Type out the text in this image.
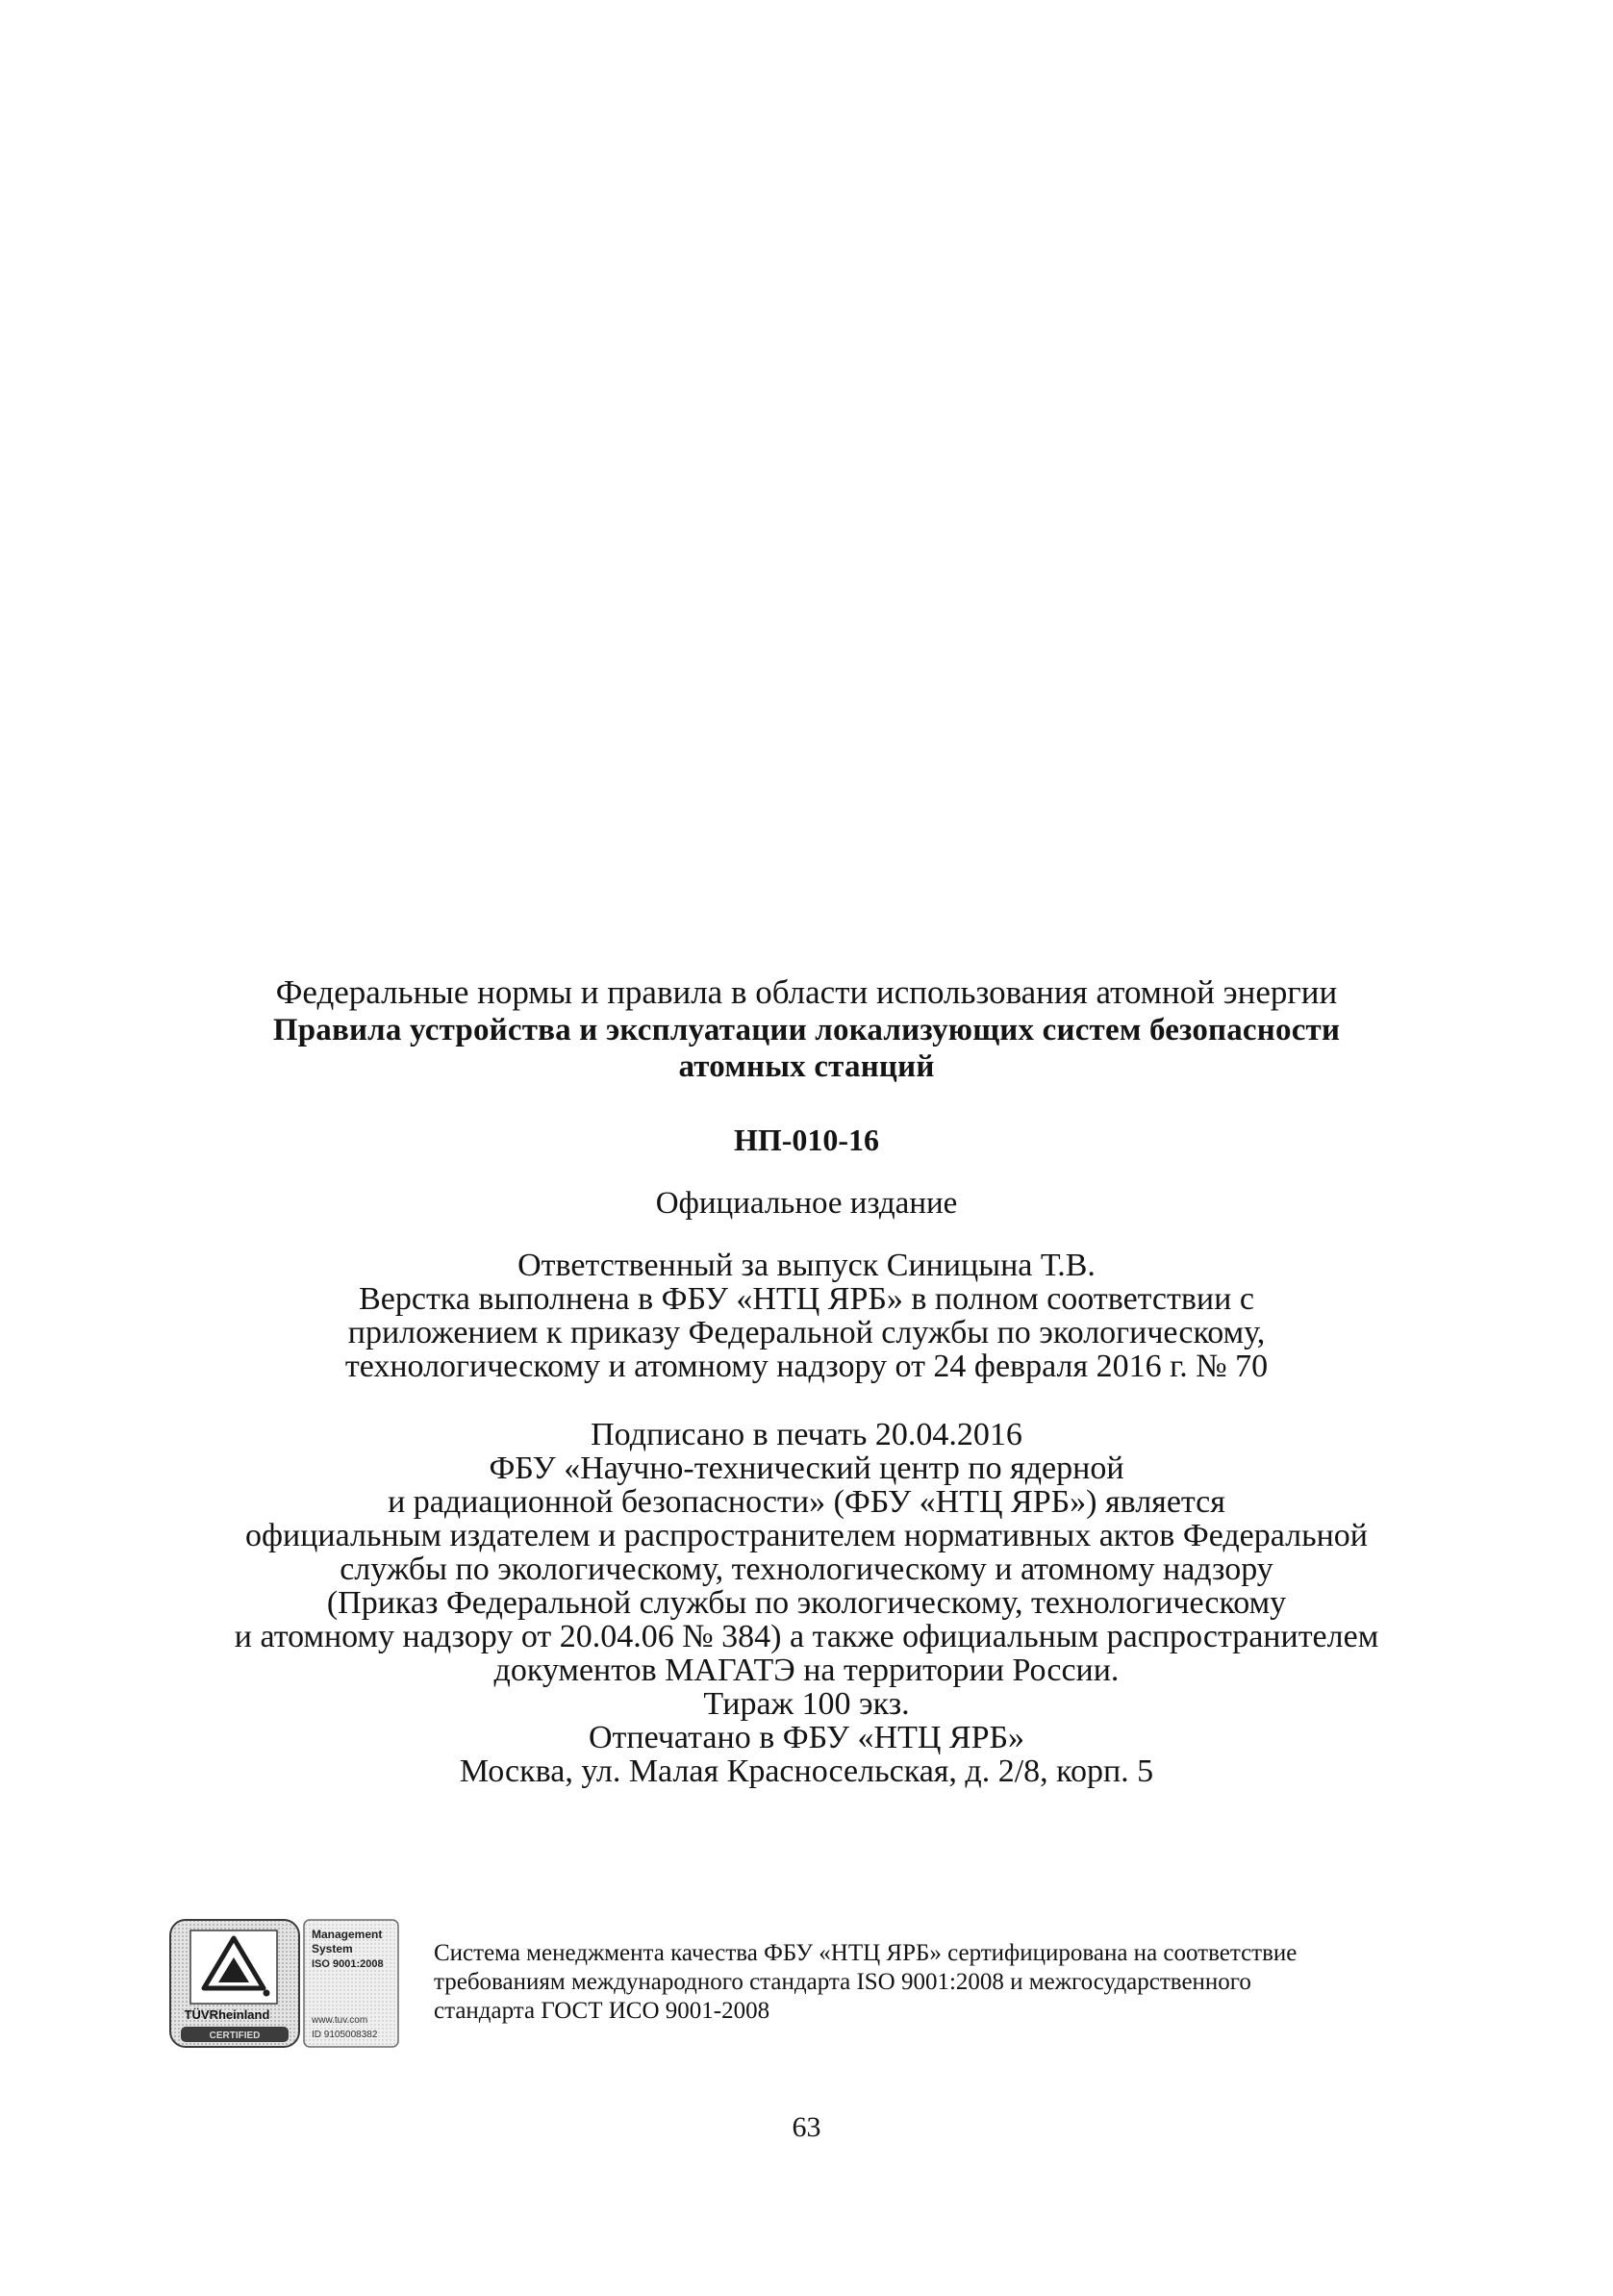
Федеральные нормы и правила в области использования атомной энергии
Правила устройства и эксплуатации локализующих систем безопасности
атомных станций
НП-010-16
Официальное издание
Ответственный за выпуск Синицына Т.В.
Верстка выполнена в ФБУ «НТЦ ЯРБ» в полном соответствии с
приложением к приказу Федеральной службы по экологическому,
технологическому и атомному надзору от 24 февраля 2016 г. № 70
Подписано в печать 20.04.2016
ФБУ «Научно-технический центр по ядерной
и радиационной безопасности» (ФБУ «НТЦ ЯРБ») является
официальным издателем и распространителем нормативных актов Федеральной
службы по экологическому, технологическому и атомному надзору
(Приказ Федеральной службы по экологическому, технологическому
и атомному надзору от 20.04.06 № 384) а также официальным распространителем
документов МАГАТЭ на территории России.
Тираж 100 экз.
Отпечатано в ФБУ «НТЦ ЯРБ»
Москва, ул. Малая Красносельская, д. 2/8, корп. 5
TÜVRheinland
CERTIFIED
Management
System
ISO 9001:2008
www.tuv.com
ID 9105008382
Система менеджмента качества ФБУ «НТЦ ЯРБ» сертифицирована на соответствие
требованиям международного стандарта ISO 9001:2008 и межгосударственного
стандарта ГОСТ ИСО 9001-2008
63
